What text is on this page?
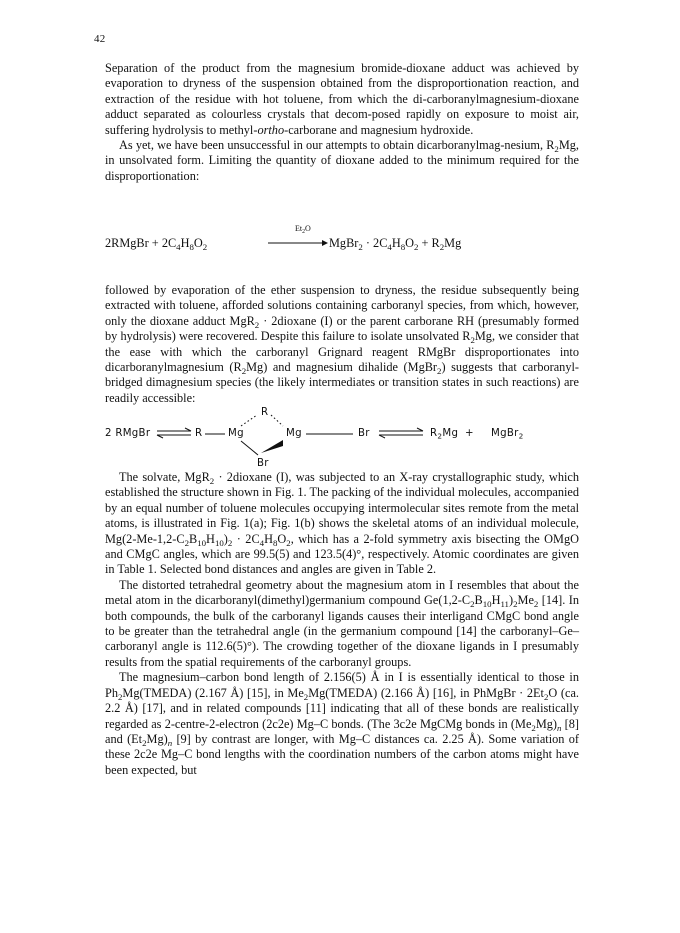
42

Separation of the product from the magnesium bromide-dioxane adduct was achieved by evaporation to dryness of the suspension obtained from the disproportionation reaction, and extraction of the residue with hot toluene, from which the di-carboranylmagnesium-dioxane adduct separated as colourless crystals that decom-posed rapidly on exposure to moist air, suffering hydrolysis to methyl-ortho-carborane and magnesium hydroxide.

As yet, we have been unsuccessful in our attempts to obtain dicarboranylmag-nesium, $R_2Mg$, in unsolvated form. Limiting the quantity of dioxane added to the minimum required for the disproportionation:

2RMgBr + $2C_4H_8O_2$
$Et_2O$
MgBr$_2$ · $2C_4H_8O_2 + R_2Mg$

followed by evaporation of the ether suspension to dryness, the residue subsequently being extracted with toluene, afforded solutions containing carboranyl species, from which, however, only the dioxane adduct MgR$_2$ · 2dioxane (I) or the parent carborane RH (presumably formed by hydrolysis) were recovered. Despite this failure to isolate unsolvated $R_2Mg$, we consider that the ease with which the carboranyl Grignard reagent RMgBr disproportionates into dicarboranylmagnesium $(R_2Mg)$ and magnesium dihalide (MgBr$_2$) suggests that carboranyl-bridged dimagnesium species (the likely intermediates or transition states in such reactions) are readily accessible:

2 RMgBr	R	Mg	Mg	Br	$R_2Mg$ + MgBr$_2$
R
Br

The solvate, MgR$_2$ · 2dioxane (I), was subjected to an X-ray crystallographic study, which established the structure shown in Fig. 1. The packing of the individual molecules, accompanied by an equal number of toluene molecules occupying intermolecular sites remote from the metal atoms, is illustrated in Fig. 1(a); Fig. 1(b) shows the skeletal atoms of an individual molecule, $Mg(2-Me-1,2-C_2B_{10}H_{10})_2 \cdot 2C_4H_8O_2$, which has a 2-fold symmetry axis bisecting the OMgO and CMgC angles, which are 99.5(5) and 123.5(4)°, respectively. Atomic coordinates are given in Table 1. Selected bond distances and angles are given in Table 2.

The distorted tetrahedral geometry about the magnesium atom in I resembles that about the metal atom in the dicarboranyl(dimethyl)germanium compound $Ge(1,2-C_2B_{10}H_{11})_2Me_2$ [14]. In both compounds, the bulk of the carboranyl ligands causes their interligand CMgC bond angle to be greater than the tetrahedral angle (in the germanium compound [14] the carboranyl–Ge–carboranyl angle is 112.6(5)°). The crowding together of the dioxane ligands in I presumably results from the spatial requirements of the carboranyl groups.

The magnesium–carbon bond length of 2.156(5) Å in I is essentially identical to those in $Ph_2Mg(TMEDA)$ (2.167 Å) [15], in $Me_2Mg(TMEDA)$ (2.166 Å) [16], in PhMgBr · $2Et_2O$ (ca. 2.2 Å) [17], and in related compounds [11] indicating that all of these bonds are realistically regarded as 2-centre-2-electron (2c2e) Mg–C bonds. (The 3c2e MgCMg bonds in $(Me_2Mg)_n$ [8] and $(Et_2Mg)_n$ [9] by contrast are longer, with Mg–C distances ca. 2.25 Å). Some variation of these 2c2e Mg–C bond lengths with the coordination numbers of the carbon atoms might have been expected, but
